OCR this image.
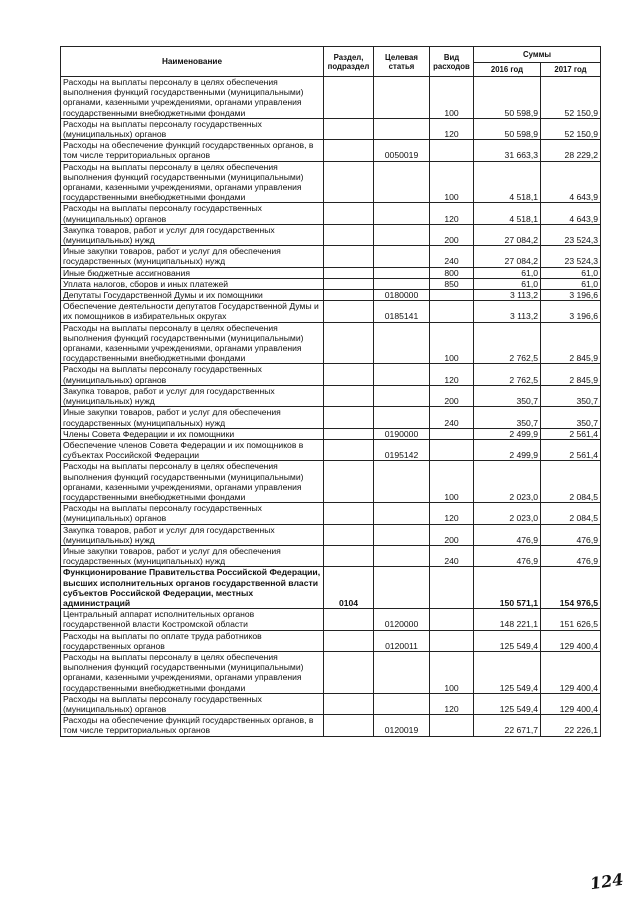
Наименование	Раздел, подраздел	Целевая статья	Вид расходов	Суммы	
				2016 год	2017 год
Расходы на выплаты персоналу в целях обеспечения выполнения функций государственными (муниципальными) органами, казенными учреждениями, органами управления государственными внебюджетными фондами			100	50 598,9	52 150,9
Расходы на выплаты персоналу государственных (муниципальных) органов			120	50 598,9	52 150,9
Расходы на обеспечение функций государственных органов, в том числе территориальных органов		0050019		31 663,3	28 229,2
Расходы на выплаты персоналу в целях обеспечения выполнения функций государственными (муниципальными) органами, казенными учреждениями, органами управления государственными внебюджетными фондами			100	4 518,1	4 643,9
Расходы на выплаты персоналу государственных (муниципальных) органов			120	4 518,1	4 643,9
Закупка товаров, работ и услуг для государственных (муниципальных) нужд			200	27 084,2	23 524,3
Иные закупки товаров, работ и услуг для обеспечения государственных (муниципальных) нужд			240	27 084,2	23 524,3
Иные бюджетные ассигнования			800	61,0	61,0
Уплата налогов, сборов и иных платежей			850	61,0	61,0
Депутаты Государственной Думы и их помощники		0180000		3 113,2	3 196,6
Обеспечение деятельности депутатов Государственной Думы и их помощников в избирательных округах		0185141		3 113,2	3 196,6
Расходы на выплаты персоналу в целях обеспечения выполнения функций государственными (муниципальными) органами, казенными учреждениями, органами управления государственными внебюджетными фондами			100	2 762,5	2 845,9
Расходы на выплаты персоналу государственных (муниципальных) органов			120	2 762,5	2 845,9
Закупка товаров, работ и услуг для государственных (муниципальных) нужд			200	350,7	350,7
Иные закупки товаров, работ и услуг для обеспечения государственных (муниципальных) нужд			240	350,7	350,7
Члены Совета Федерации и их помощники		0190000		2 499,9	2 561,4
Обеспечение членов Совета Федерации и их помощников в субъектах Российской Федерации		0195142		2 499,9	2 561,4
Расходы на выплаты персоналу в целях обеспечения выполнения функций государственными (муниципальными) органами, казенными учреждениями, органами управления государственными внебюджетными фондами			100	2 023,0	2 084,5
Расходы на выплаты персоналу государственных (муниципальных) органов			120	2 023,0	2 084,5
Закупка товаров, работ и услуг для государственных (муниципальных) нужд			200	476,9	476,9
Иные закупки товаров, работ и услуг для обеспечения государственных (муниципальных) нужд			240	476,9	476,9
Функционирование Правительства Российской Федерации, высших исполнительных органов государственной власти субъектов Российской Федерации, местных администраций	0104			150 571,1	154 976,5
Центральный аппарат исполнительных органов государственной власти Костромской области		0120000		148 221,1	151 626,5
Расходы на выплаты по оплате труда работников государственных органов		0120011		125 549,4	129 400,4
Расходы на выплаты персоналу в целях обеспечения выполнения функций государственными (муниципальными) органами, казенными учреждениями, органами управления государственными внебюджетными фондами			100	125 549,4	129 400,4
Расходы на выплаты персоналу государственных (муниципальных) органов			120	125 549,4	129 400,4
Расходы на обеспечение функций государственных органов, в том числе территориальных органов		0120019		22 671,7	22 226,1
124
